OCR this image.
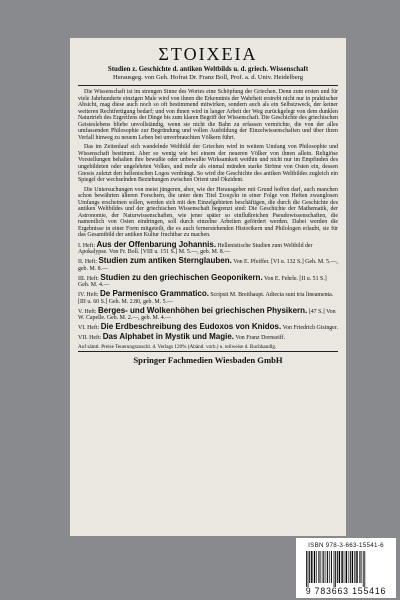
ΣΤΟΙΧΕΙΑ
Studien z. Geschichte d. antiken Weltbilds u. d. griech. Wissenschaft
Herausgeg. von Geh. Hofrat Dr. Franz Boll, Prof. a. d. Univ. Heidelberg

Die Wissenschaft ist im strengen Sinne des Wortes eine Schöpfung der Griechen. Denn zum ersten und für viele Jahrhunderte einzigen Male wird von ihnen die Erkenntnis der Wahrheit erstrebt nicht nur in praktischer Absicht, mag diese auch noch so oft bestimmend mitwirken, sondern auch als ein Selbstzweck, der keiner weiteren Rechtfertigung bedarf; und von ihnen wird in langer Arbeit der Weg zurückgelegt von dem dunklen Naturtrieb des Ergreifens der Dinge bis zum klaren Begriff der Wissenschaft. Die Geschichte des griechischen Geisteslebens bliebe unvollständig, wenn sie nicht die Bahn zu erfassen vermöchte, die von der alles umfassenden Philosophie zur Begründung und vollen Ausbildung der Einzelwissenschaften und über ihren Verfall hinweg zu neuem Leben bei unverbrauchten Völkern führt.

Das im Zeitenlauf sich wandelnde Weltbild der Griechen wird in weitem Umfang von Philosophie und Wissenschaft bestimmt. Aber so wenig wie bei einem der neueren Völker von ihnen allein. Religiöse Vorstellungen behalten ihre bewußte oder unbewußte Wirksamkeit weithin und nicht nur im Empfinden des ungebildeten oder ungelehrten Volkes, und mehr als einmal münden starke Ströme von Osten ein, dessen Gnosis zuletzt den hellenischen Logos verdrängt. So wird die Geschichte des antiken Weltbildes zugleich ein Spiegel der wechselnden Beziehungen zwischen Orient und Okzident.

Die Untersuchungen von meist jüngeren, aber, wie der Herausgeber mit Grund hoffen darf, auch manchen schon bewährten älteren Forschern, die unter dem Titel Στοιχεῖα in einer Folge von Heften zwanglosen Umfangs erscheinen sollen, werden sich mit den Einzelgebieten beschäftigen, die durch die Geschichte des antiken Weltbildes und der griechischen Wissenschaft begrenzt sind: Die Geschichte der Mathematik, der Astronomie, der Naturwissenschaften, wie jener später so einflußreichen Pseudowissenschaften, die namentlich von Osten eindringen, soll durch einzelne Arbeiten gefördert werden. Dabei werden die Ergebnisse in einer Form mitgeteilt, die es auch fernerstehenden Historikern und Philologen erlaubt, sie für das Gesamtbild der antiken Kultur fruchtbar zu machen.

I. Heft: Aus der Offenbarung Johannis. Hellenistische Studien zum Weltbild der Apokalypse. Von Fr. Boll. [VIII u. 151 S.] M. 5.—, geb. M. 8.—
II. Heft: Studien zum antiken Sternglauben. Von E. Pfeiffer. [VI u. 132 S.] Geh. M. 5.—, geb. M. 8.—
III. Heft: Studien zu den griechischen Geoponikern. Von E. Fehrle. [II u. 51 S.] Geh. M. 4.—
IV. Heft: De Parmenisco Grammatico. Scripsit M. Breithaupt. Adiecta sunt tria lineamenta. [III u. 60 S.] Geh. M. 2.80, geb. M. 5.—
V. Heft: Berges- und Wolkenhöhen bei griechischen Physikern. [47 S.] Von W. Capelle. Geh. M. 2.—, geb. M. 4.—
VI. Heft: Die Erdbeschreibung des Eudoxos von Knidos. Von Friedrich Gisinger.
VII. Heft: Das Alphabet in Mystik und Magie. Von Franz Dornseiff.
Auf sämtl. Preise Teuerungszuschl. d. Verlags 120% (Abänd. vorb.) u. teilweise d. Buchhandlg.
Springer Fachmedien Wiesbaden GmbH
ISBN 978-3-663-15541-6
9 783663 155416
